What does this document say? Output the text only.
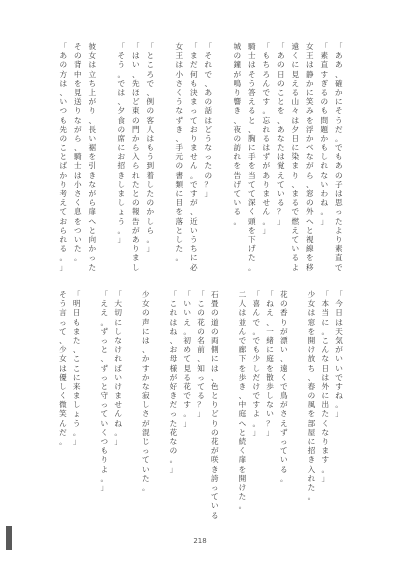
「
あ
あ
、
確
か
に
そ
う
だ
。
で
も
あ
の
子
は
思
っ
た
よ
り
素
直
で
「
素
直
す
ぎ
る
の
も
問
題
か
も
し
れ
な
い
わ
ね
。
」
女
王
は
静
か
に
笑
み
を
浮
か
べ
な
が
ら
、
窓
の
外
へ
と
視
線
を
移
遠
く
に
見
え
る
山
々
は
夕
日
に
染
ま
り
、
ま
る
で
燃
え
て
い
る
よ
「
あ
の
日
の
こ
と
を
、
あ
な
た
は
覚
え
て
い
る
？
」
「
も
ち
ろ
ん
で
す
。
忘
れ
る
は
ず
が
あ
り
ま
せ
ん
。
」
騎
士
は
そ
う
答
え
る
と
、
胸
に
手
を
当
て
て
深
く
頭
を
下
げ
た
。
城
の
鐘
が
鳴
り
響
き
、
夜
の
訪
れ
を
告
げ
て
い
る
。
「
そ
れ
で
、
あ
の
話
は
ど
う
な
っ
た
の
？
」
「
ま
だ
何
も
決
ま
っ
て
お
り
ま
せ
ん
。
で
す
が
、
近
い
う
ち
に
必
女
王
は
小
さ
く
う
な
ず
き
、
手
元
の
書
類
に
目
を
落
と
し
た
。
「
と
こ
ろ
で
、
例
の
客
人
は
も
う
到
着
し
た
の
か
し
ら
。
」
「
は
い
、
先
ほ
ど
東
の
門
か
ら
入
ら
れ
た
と
の
報
告
が
あ
り
ま
し
「
そ
う
。
で
は
、
夕
食
の
席
に
お
招
き
し
ま
し
ょ
う
。
」
彼
女
は
立
ち
上
が
り
、
長
い
裾
を
引
き
な
が
ら
扉
へ
と
向
か
っ
た
そ
の
背
中
を
見
送
り
な
が
ら
、
騎
士
は
小
さ
く
息
を
つ
い
た
。
「
あ
の
方
は
、
い
つ
も
先
の
こ
と
ば
か
り
考
え
て
お
ら
れ
る
。
」
「
今
日
は
天
気
が
い
い
で
す
ね
。
」
「
本
当
に
。
こ
ん
な
日
は
外
に
出
た
く
な
り
ま
す
。
」
少
女
は
窓
を
開
け
放
ち
、
春
の
風
を
部
屋
に
招
き
入
れ
た
。
花
の
香
り
が
漂
い
、
遠
く
で
鳥
が
さ
え
ず
っ
て
い
る
。
「
ね
え
、
一
緒
に
庭
を
散
歩
し
な
い
？
」
「
喜
ん
で
。
で
も
少
し
だ
け
で
す
よ
。
」
二
人
は
並
ん
で
廊
下
を
歩
き
、
中
庭
へ
と
続
く
扉
を
開
け
た
。
石
畳
の
道
の
両
側
に
は
、
色
と
り
ど
り
の
花
が
咲
き
誇
っ
て
い
る
「
こ
の
花
の
名
前
、
知
っ
て
る
？
」
「
い
い
え
。
初
め
て
見
る
花
で
す
。
」
「
こ
れ
は
ね
、
お
母
様
が
好
き
だ
っ
た
花
な
の
。
」
少
女
の
声
に
は
、
か
す
か
な
寂
し
さ
が
混
じ
っ
て
い
た
。
「
大
切
に
し
な
け
れ
ば
い
け
ま
せ
ん
ね
。
」
「
え
え
。
ず
っ
と
、
ず
っ
と
守
っ
て
い
く
つ
も
り
よ
。
」
「
明
日
も
ま
た
、
こ
こ
に
来
ま
し
ょ
う
。
」
そ
う
言
っ
て
、
少
女
は
優
し
く
微
笑
ん
だ
。
218
